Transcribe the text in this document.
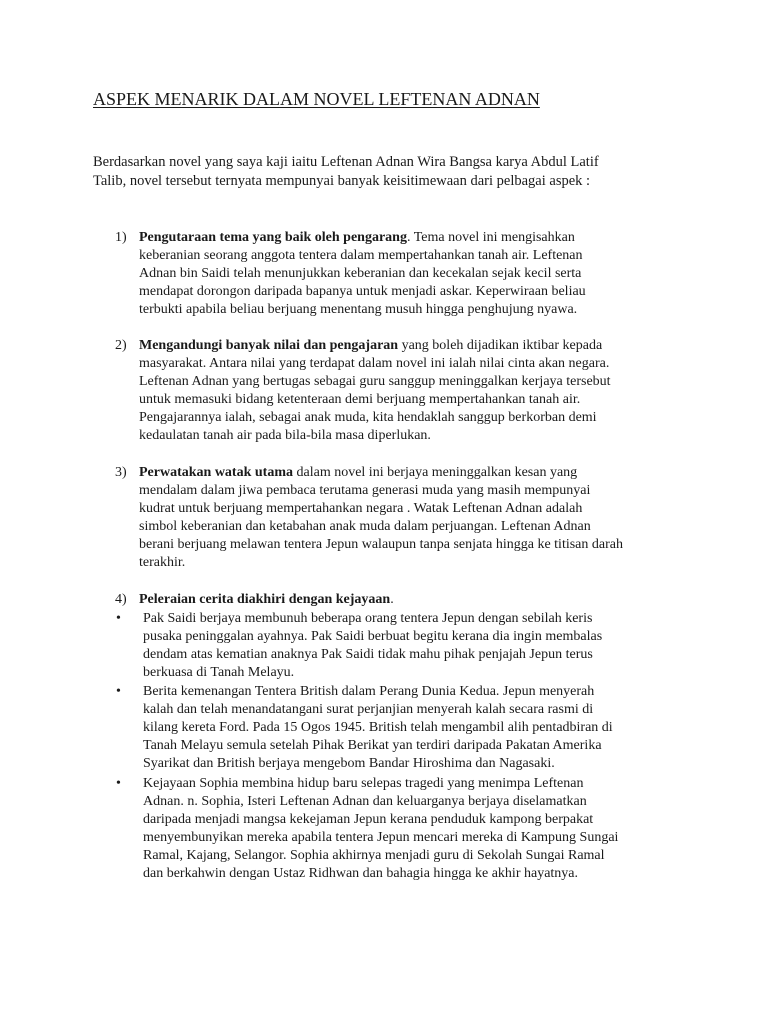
ASPEK MENARIK DALAM NOVEL LEFTENAN ADNAN
Berdasarkan novel yang saya kaji iaitu Leftenan Adnan Wira Bangsa karya Abdul Latif
Talib, novel tersebut ternyata mempunyai banyak keisitimewaan dari pelbagai aspek :
1) Pengutaraan tema yang baik oleh pengarang. Tema novel ini mengisahkan
keberanian seorang anggota tentera dalam mempertahankan tanah air. Leftenan
Adnan bin Saidi telah menunjukkan keberanian dan kecekalan sejak kecil serta
mendapat dorongon daripada bapanya untuk menjadi askar. Keperwiraan beliau
terbukti apabila beliau berjuang menentang musuh hingga penghujung nyawa.
2) Mengandungi banyak nilai dan pengajaran yang boleh dijadikan iktibar kepada
masyarakat. Antara nilai yang terdapat dalam novel ini ialah nilai cinta akan negara.
Leftenan Adnan yang bertugas sebagai guru sanggup meninggalkan kerjaya tersebut
untuk memasuki bidang ketenteraan demi berjuang mempertahankan tanah air.
Pengajarannya ialah, sebagai anak muda, kita hendaklah sanggup berkorban demi
kedaulatan tanah air pada bila-bila masa diperlukan.
3) Perwatakan watak utama dalam novel ini berjaya meninggalkan kesan yang
mendalam dalam jiwa pembaca terutama generasi muda yang masih mempunyai
kudrat untuk berjuang mempertahankan negara . Watak Leftenan Adnan adalah
simbol keberanian dan ketabahan anak muda dalam perjuangan. Leftenan Adnan
berani berjuang melawan tentera Jepun walaupun tanpa senjata hingga ke titisan darah
terakhir.
4) Peleraian cerita diakhiri dengan kejayaan.
• Pak Saidi berjaya membunuh beberapa orang tentera Jepun dengan sebilah keris
pusaka peninggalan ayahnya. Pak Saidi berbuat begitu kerana dia ingin membalas
dendam atas kematian anaknya Pak Saidi tidak mahu pihak penjajah Jepun terus
berkuasa di Tanah Melayu.
• Berita kemenangan Tentera British dalam Perang Dunia Kedua. Jepun menyerah
kalah dan telah menandatangani surat perjanjian menyerah kalah secara rasmi di
kilang kereta Ford. Pada 15 Ogos 1945. British telah mengambil alih pentadbiran di
Tanah Melayu semula setelah Pihak Berikat yan terdiri daripada Pakatan Amerika
Syarikat dan British berjaya mengebom Bandar Hiroshima dan Nagasaki.
• Kejayaan Sophia membina hidup baru selepas tragedi yang menimpa Leftenan
Adnan. n. Sophia, Isteri Leftenan Adnan dan keluarganya berjaya diselamatkan
daripada menjadi mangsa kekejaman Jepun kerana penduduk kampong berpakat
menyembunyikan mereka apabila tentera Jepun mencari mereka di Kampung Sungai
Ramal, Kajang, Selangor. Sophia akhirnya menjadi guru di Sekolah Sungai Ramal
dan berkahwin dengan Ustaz Ridhwan dan bahagia hingga ke akhir hayatnya.
